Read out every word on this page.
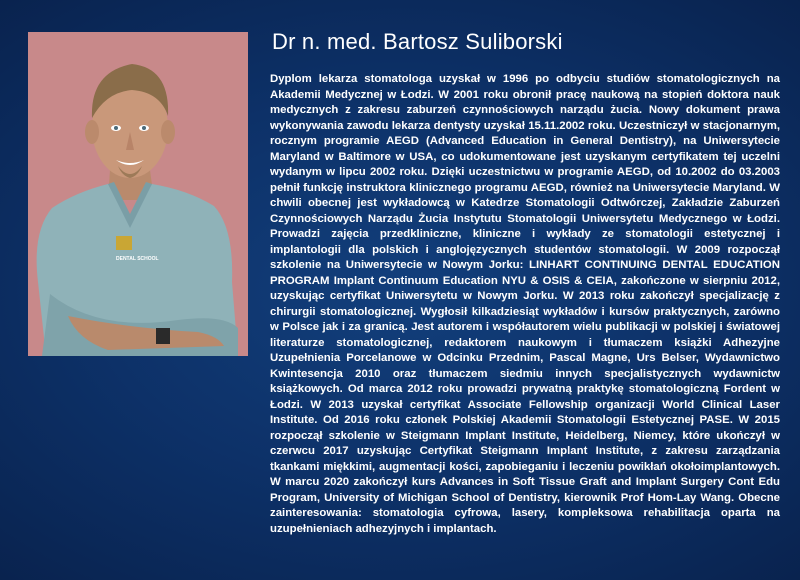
DENTAL SCHOOL
Dr n. med. Bartosz Suliborski

Dyplom lekarza stomatologa uzyskał w 1996 po odbyciu studiów stomatologicznych na Akademii Medycznej w Łodzi. W 2001 roku obronił pracę naukową na stopień doktora nauk medycznych z zakresu zaburzeń czynnościowych narządu żucia. Nowy dokument prawa wykonywania zawodu lekarza dentysty uzyskał 15.11.2002 roku. Uczestniczył w stacjonarnym, rocznym programie AEGD (Advanced Education in General Dentistry), na Uniwersytecie Maryland w Baltimore w USA, co udokumentowane jest uzyskanym certyfikatem tej uczelni wydanym w lipcu 2002 roku. Dzięki uczestnictwu w programie AEGD, od 10.2002 do 03.2003 pełnił funkcję instruktora klinicznego programu AEGD, również na Uniwersytecie Maryland. W chwili obecnej jest wykładowcą w Katedrze Stomatologii Odtwórczej, Zakładzie Zaburzeń Czynnościowych Narządu Żucia Instytutu Stomatologii Uniwersytetu Medycznego w Łodzi. Prowadzi zajęcia przedkliniczne, kliniczne i wykłady ze stomatologii estetycznej i implantologii dla polskich i anglojęzycznych studentów stomatologii. W 2009 rozpoczął szkolenie na Uniwersytecie w Nowym Jorku: LINHART CONTINUING DENTAL EDUCATION PROGRAM Implant Continuum Education NYU & OSIS & CEIA, zakończone w sierpniu 2012, uzyskując certyfikat Uniwersytetu w Nowym Jorku. W 2013 roku zakończył specjalizację z chirurgii stomatologicznej. Wygłosił kilkadziesiąt wykładów i kursów praktycznych, zarówno w Polsce jak i za granicą. Jest autorem i współautorem wielu publikacji w polskiej i światowej literaturze stomatologicznej, redaktorem naukowym i tłumaczem książki Adhezyjne Uzupełnienia Porcelanowe w Odcinku Przednim, Pascal Magne, Urs Belser, Wydawnictwo Kwintesencja 2010 oraz tłumaczem siedmiu innych specjalistycznych wydawnictw książkowych. Od marca 2012 roku prowadzi prywatną praktykę stomatologiczną Fordent w Łodzi. W 2013 uzyskał certyfikat Associate Fellowship organizacji World Clinical Laser Institute. Od 2016 roku członek Polskiej Akademii Stomatologii Estetycznej PASE. W 2015 rozpoczął szkolenie w Steigmann Implant Institute, Heidelberg, Niemcy, które ukończył w czerwcu 2017 uzyskując Certyfikat Steigmann Implant Institute, z zakresu zarządzania tkankami miękkimi, augmentacji kości, zapobieganiu i leczeniu powikłań okołoimplantowych. W marcu 2020 zakończył kurs Advances in Soft Tissue Graft and Implant Surgery Cont Edu Program, University of Michigan School of Dentistry, kierownik Prof Hom-Lay Wang. Obecne zainteresowania: stomatologia cyfrowa, lasery, kompleksowa rehabilitacja oparta na uzupełnieniach adhezyjnych i implantach.
